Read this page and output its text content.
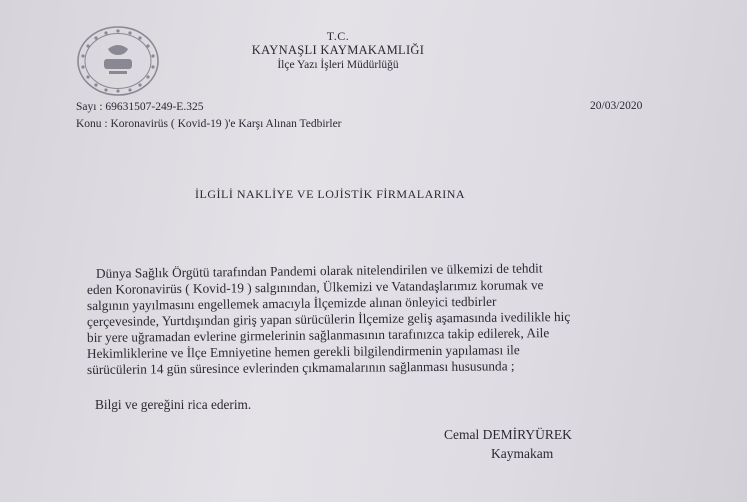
T.C.
KAYNAŞLI KAYMAKAMLIĞI
İlçe Yazı İşleri Müdürlüğü
Sayı : 69631507-249-E.325
Konu : Koronavirüs ( Kovid-19 )'e Karşı Alınan Tedbirler
20/03/2020
İLGİLİ NAKLİYE VE LOJİSTİK FİRMALARINA
Dünya Sağlık Örgütü tarafından Pandemi olarak nitelendirilen ve ülkemizi de tehdit
eden Koronavirüs ( Kovid-19 ) salgınından, Ülkemizi ve Vatandaşlarımız korumak ve
salgının yayılmasını engellemek amacıyla İlçemizde alınan önleyici tedbirler
çerçevesinde, Yurtdışından giriş yapan sürücülerin İlçemize geliş aşamasında ivedilikle hiç
bir yere uğramadan evlerine girmelerinin sağlanmasının tarafınızca takip edilerek, Aile
Hekimliklerine ve İlçe Emniyetine hemen gerekli bilgilendirmenin yapılaması ile
sürücülerin 14 gün süresince evlerinden çıkmamalarının sağlanması hususunda ;
Bilgi ve gereğini rica ederim.
Cemal DEMİRYÜREK
Kaymakam
